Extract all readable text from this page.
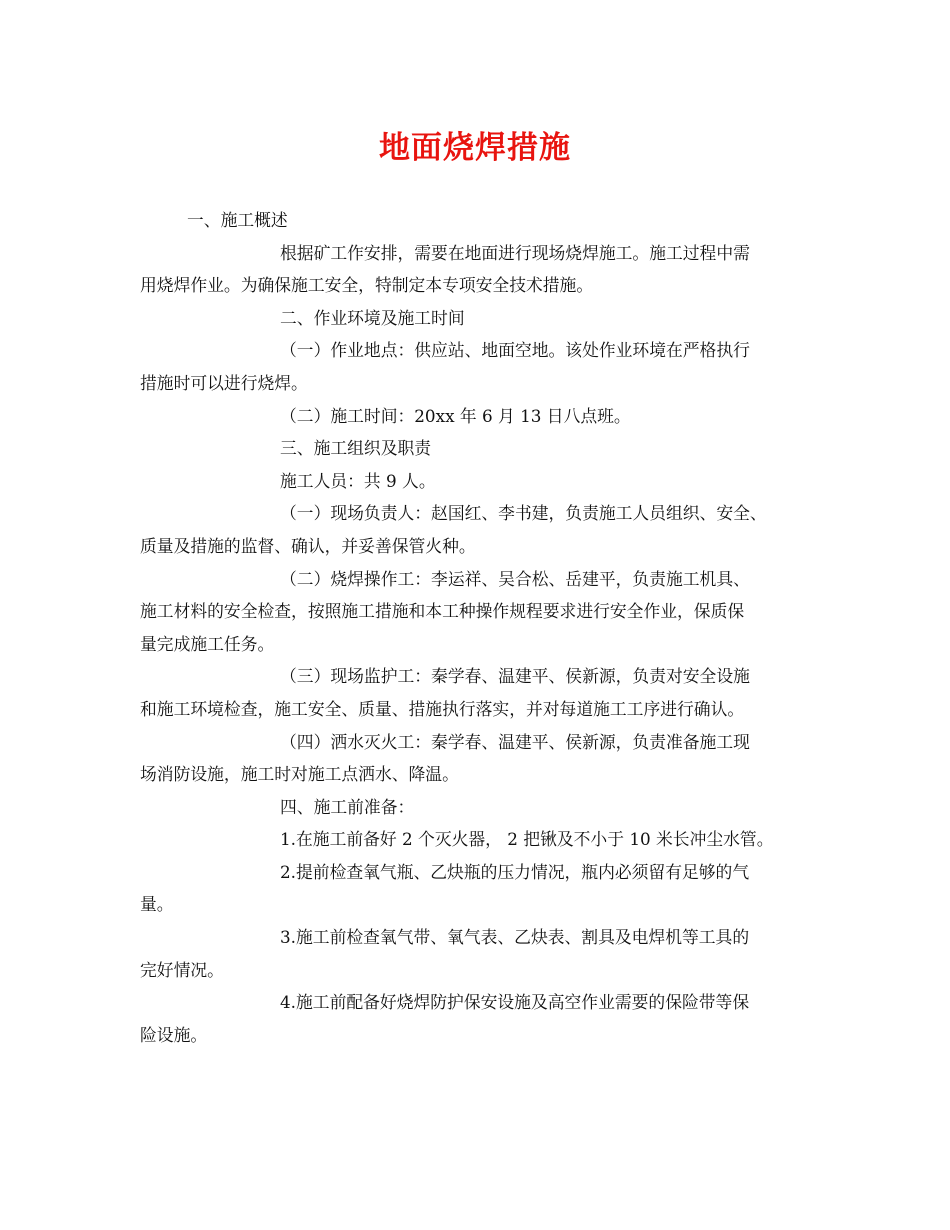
地面烧焊措施
一、施工概述
根据矿工作安排，需要在地面进行现场烧焊施工。施工过程中需
用烧焊作业。为确保施工安全，特制定本专项安全技术措施。
二、作业环境及施工时间
（一）作业地点：供应站、地面空地。该处作业环境在严格执行
措施时可以进行烧焊。
（二）施工时间：20xx 年 6 月 13 日八点班。
三、施工组织及职责
施工人员：共 9 人。
（一）现场负责人：赵国红、李书建，负责施工人员组织、安全、
质量及措施的监督、确认，并妥善保管火种。
（二）烧焊操作工：李运祥、吴合松、岳建平，负责施工机具、
施工材料的安全检查，按照施工措施和本工种操作规程要求进行安全作业，保质保
量完成施工任务。
（三）现场监护工：秦学春、温建平、侯新源，负责对安全设施
和施工环境检查，施工安全、质量、措施执行落实，并对每道施工工序进行确认。
（四）洒水灭火工：秦学春、温建平、侯新源，负责准备施工现
场消防设施，施工时对施工点洒水、降温。
四、施工前准备：
1.在施工前备好 2 个灭火器， 2 把锹及不小于 10 米长冲尘水管。
2.提前检查氧气瓶、乙炔瓶的压力情况，瓶内必须留有足够的气
量。
3.施工前检查氧气带、氧气表、乙炔表、割具及电焊机等工具的
完好情况。
4.施工前配备好烧焊防护保安设施及高空作业需要的保险带等保
险设施。
